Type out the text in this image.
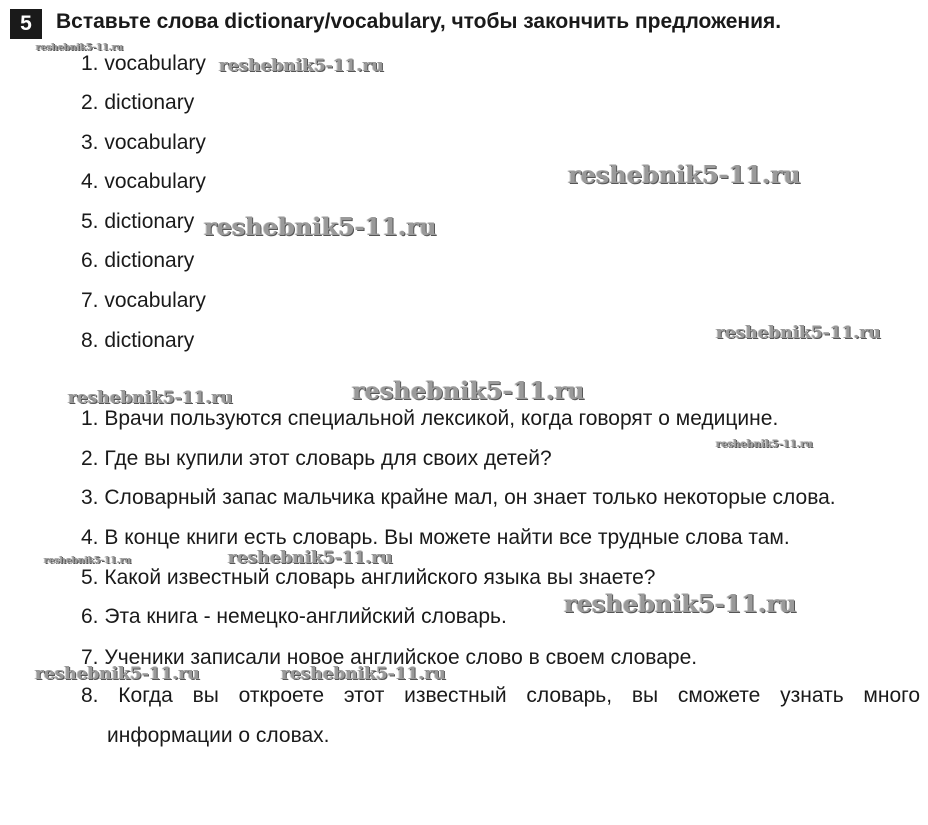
5	Вставьте слова dictionary/vocabulary, чтобы закончить предложения.
1. vocabulary
2. dictionary
3. vocabulary
4. vocabulary
5. dictionary
6. dictionary
7. vocabulary
8. dictionary
1. Врачи пользуются специальной лексикой, когда говорят о медицине.
2. Где вы купили этот словарь для своих детей?
3. Словарный запас мальчика крайне мал, он знает только некоторые слова.
4. В конце книги есть словарь. Вы можете найти все трудные слова там.
5. Какой известный словарь английского языка вы знаете?
6. Эта книга - немецко-английский словарь.
7. Ученики записали новое английское слово в своем словаре.
8. Когда вы откроете этот известный словарь, вы сможете узнать много
информации о словах.
reshebnik5-11.ru
reshebnik5-11.ru
reshebnik5-11.ru
reshebnik5-11.ru
reshebnik5-11.ru
reshebnik5-11.ru	reshebnik5-11.ru
reshebnik5-11.ru
reshebnik5-11.ru	reshebnik5-11.ru
reshebnik5-11.ru
reshebnik5-11.ru	reshebnik5-11.ru
